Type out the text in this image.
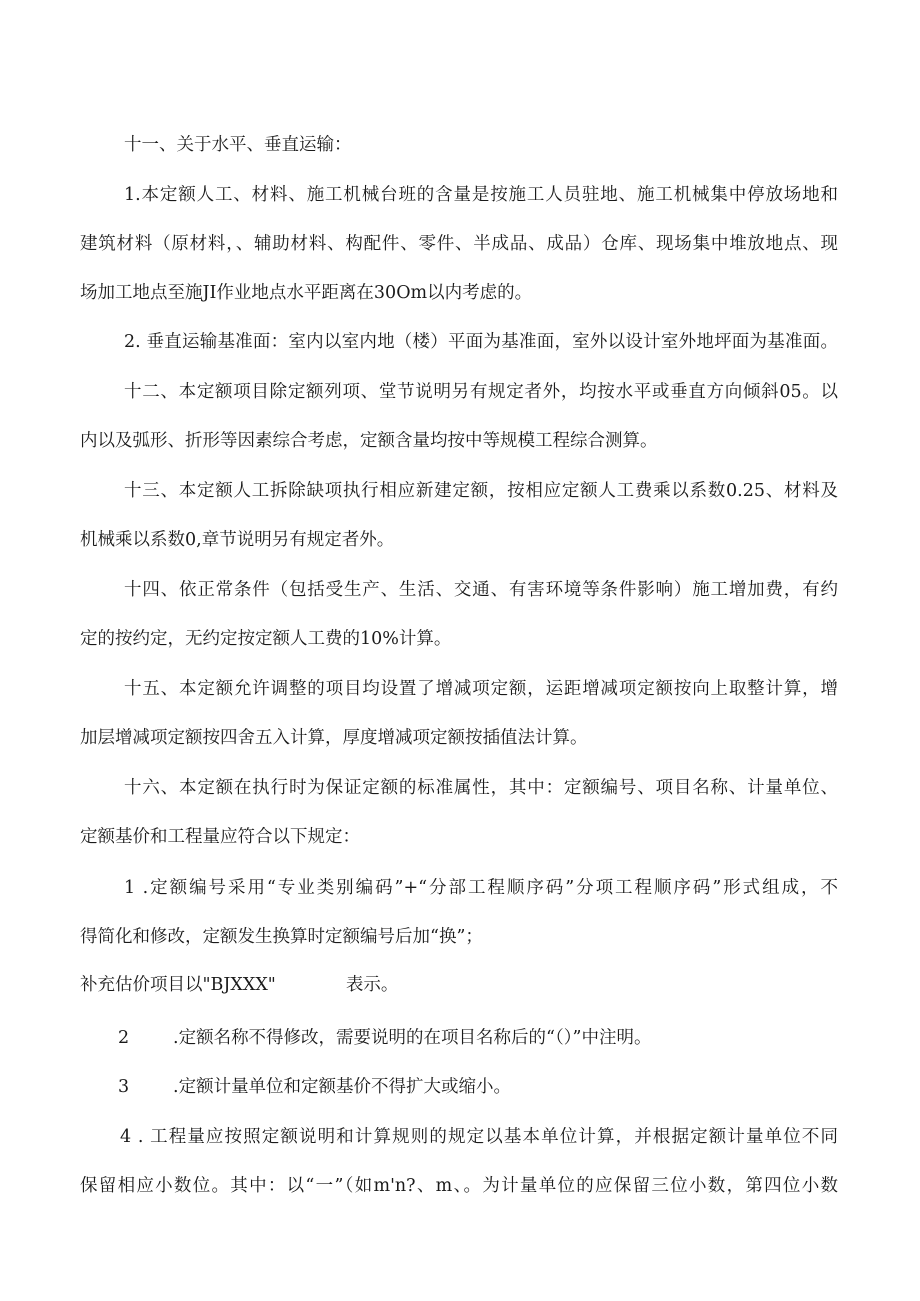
十一、关于水平、垂直运输：
1.本定额人工、材料、施工机械台班的含量是按施工人员驻地、施工机械集中停放场地和
建筑材料（原材料，、辅助材料、构配件、零件、半成品、成品）仓库、现场集中堆放地点、现
场加工地点至施JI作业地点水平距离在30Om以内考虑的。
2. 垂直运输基准面：室内以室内地（楼）平面为基准面，室外以设计室外地坪面为基准面。
十二、本定额项目除定额列项、堂节说明另有规定者外，均按水平或垂直方向倾斜05。以
内以及弧形、折形等因素综合考虑，定额含量均按中等规模工程综合测算。
十三、本定额人工拆除缺项执行相应新建定额，按相应定额人工费乘以系数0.25、材料及
机械乘以系数0,章节说明另有规定者外。
十四、依正常条件（包括受生产、生活、交通、有害环境等条件影响）施工增加费，有约
定的按约定，无约定按定额人工费的10%计算。
十五、本定额允许调整的项目均设置了增减项定额，运距增减项定额按向上取整计算，增
加层增减项定额按四舍五入计算，厚度增减项定额按插值法计算。
十六、本定额在执行时为保证定额的标准属性，其中：定额编号、项目名称、计量单位、
定额基价和工程量应符合以下规定：
1 .定额编号采用“专业类别编码”+“分部工程顺序码”分项工程顺序码”形式组成，不
得简化和修改，定额发生换算时定额编号后加“换”；
补充估价项目以"BJXXX"	表示。
2	.定额名称不得修改，需要说明的在项目名称后的“（）”中注明。
3	.定额计量单位和定额基价不得扩大或缩小。
4 . 工程量应按照定额说明和计算规则的规定以基本单位计算，并根据定额计量单位不同
保留相应小数位。其中：以“一”（如m'n?、m、。为计量单位的应保留三位小数，第四位小数
